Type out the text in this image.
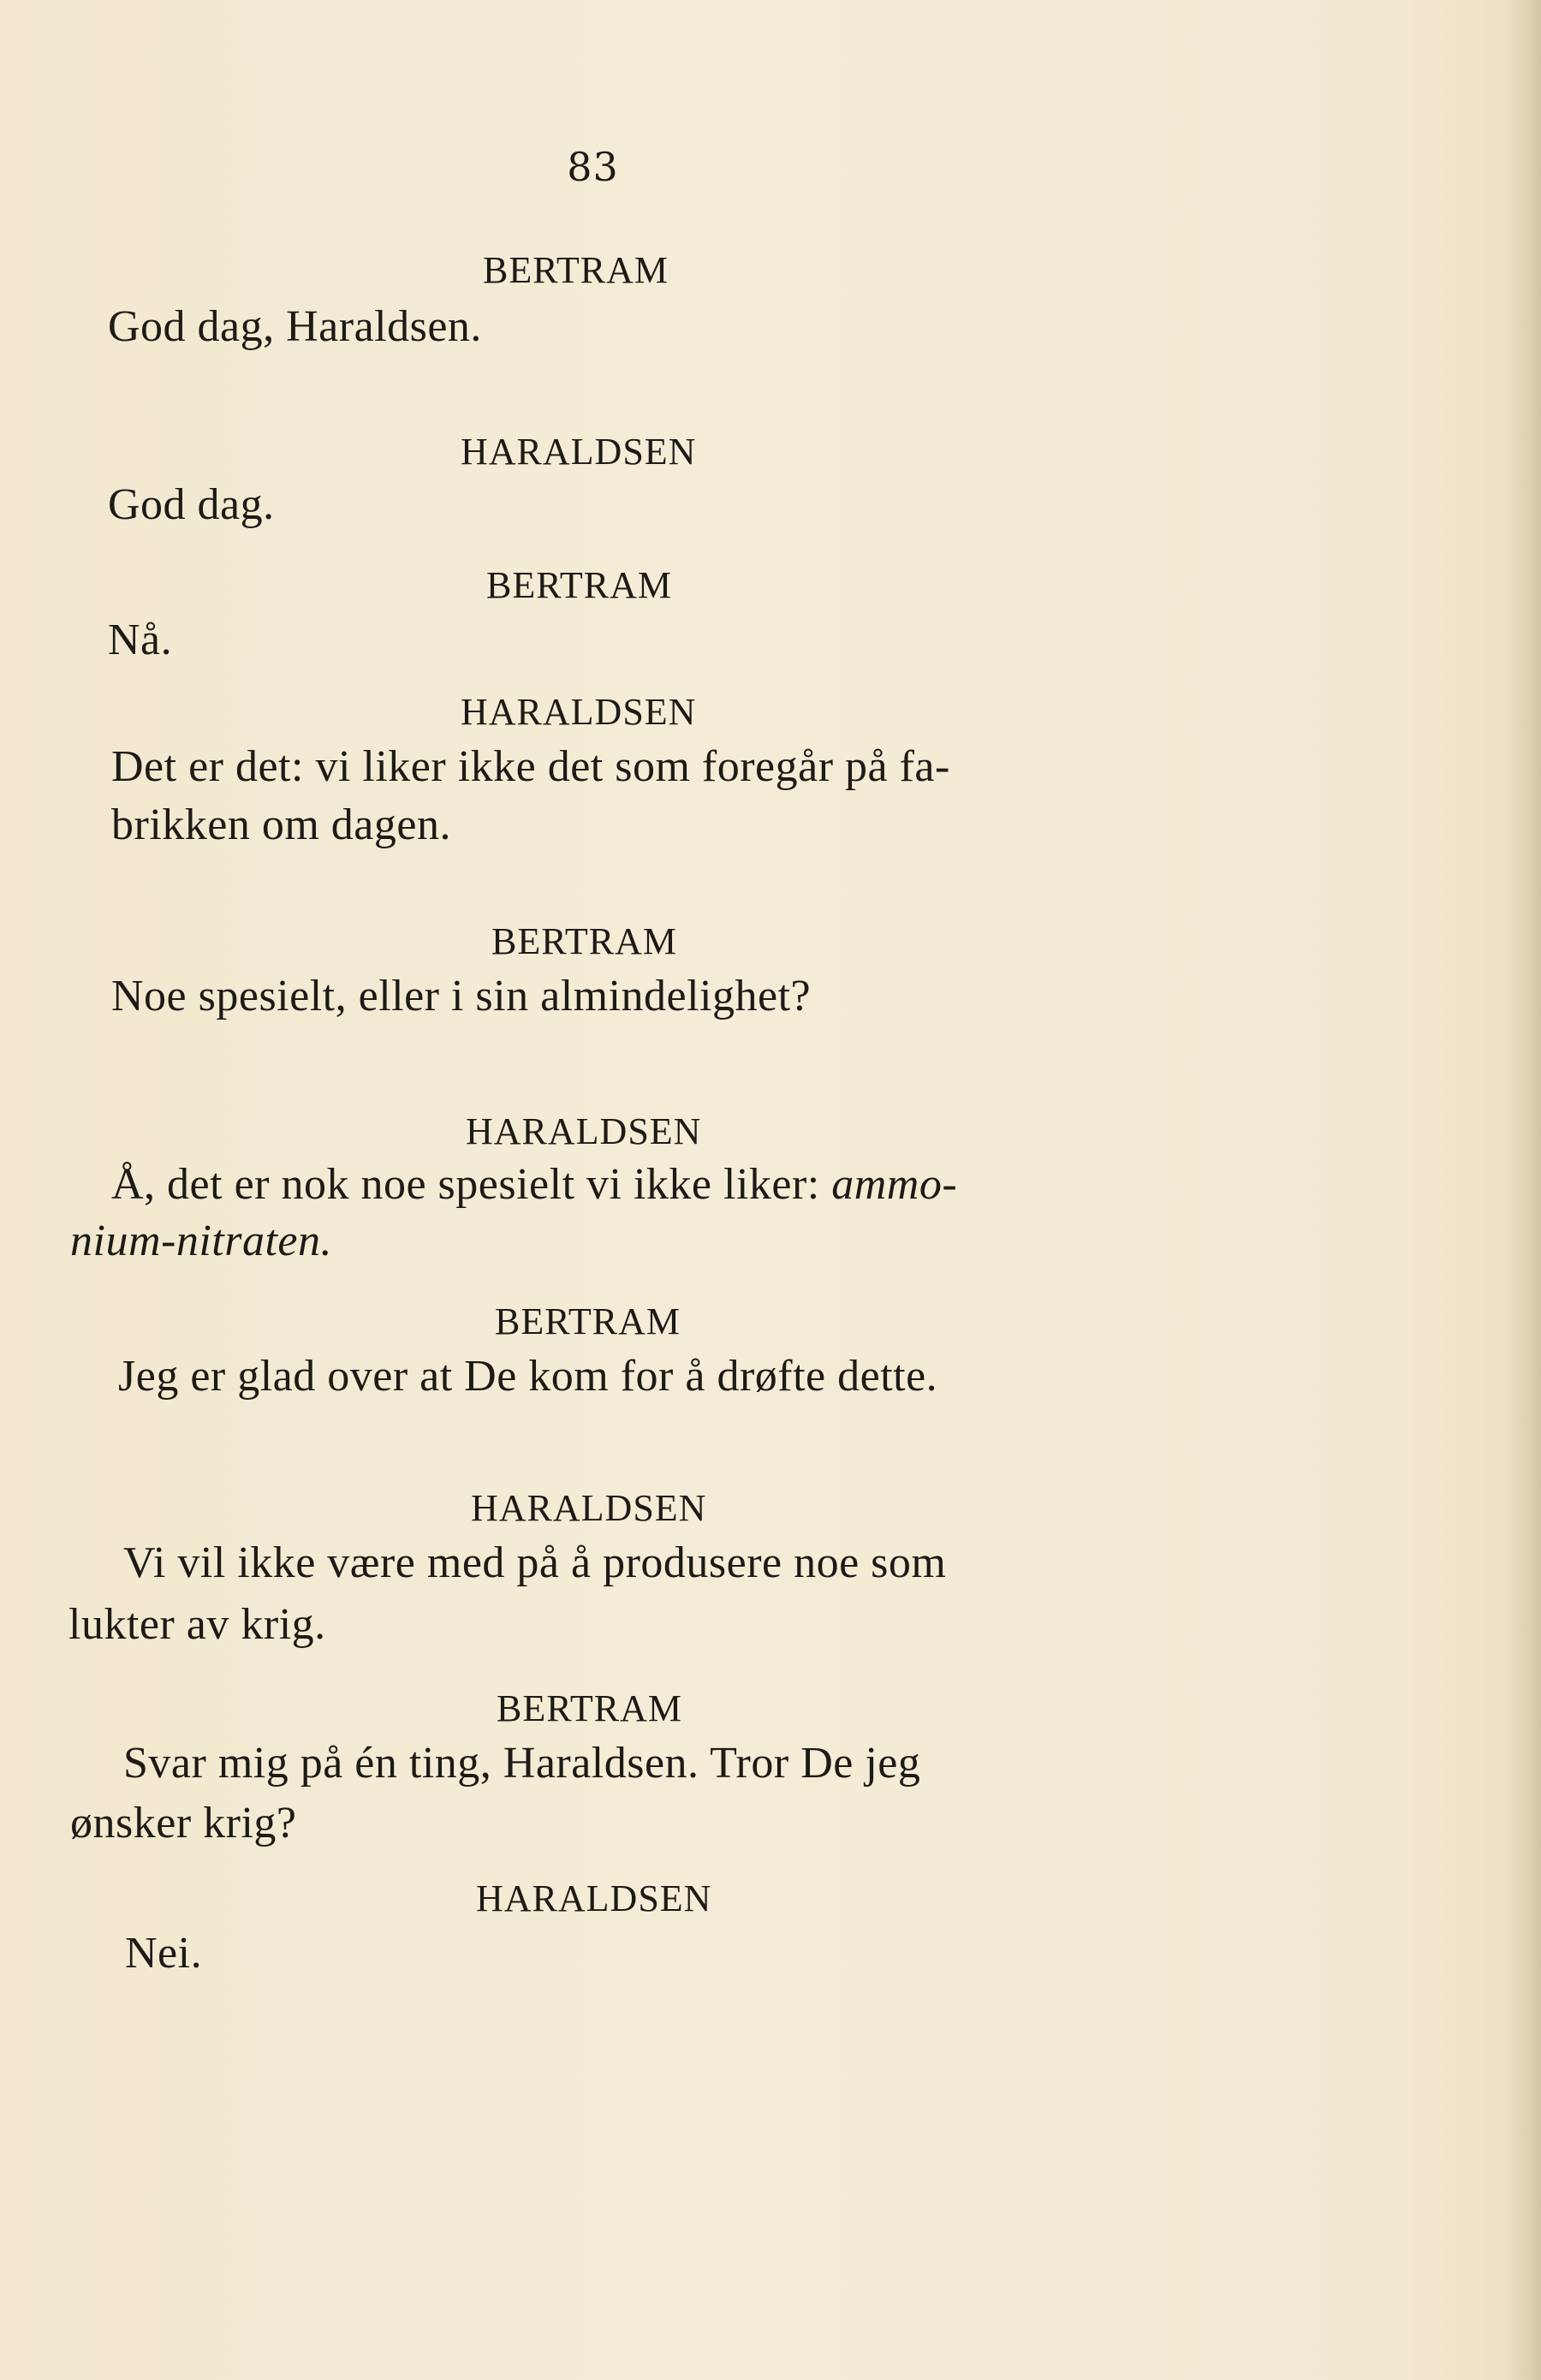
83
BERTRAM
God dag, Haraldsen.
HARALDSEN
God dag.
BERTRAM
Nå.
HARALDSEN
Det er det: vi liker ikke det som foregår på fa-
brikken om dagen.
BERTRAM
Noe spesielt, eller i sin almindelighet?
HARALDSEN
Å, det er nok noe spesielt vi ikke liker: ammo-
nium-nitraten.
BERTRAM
Jeg er glad over at De kom for å drøfte dette.
HARALDSEN
Vi vil ikke være med på å produsere noe som
lukter av krig.
BERTRAM
Svar mig på én ting, Haraldsen. Tror De jeg
ønsker krig?
HARALDSEN
Nei.
